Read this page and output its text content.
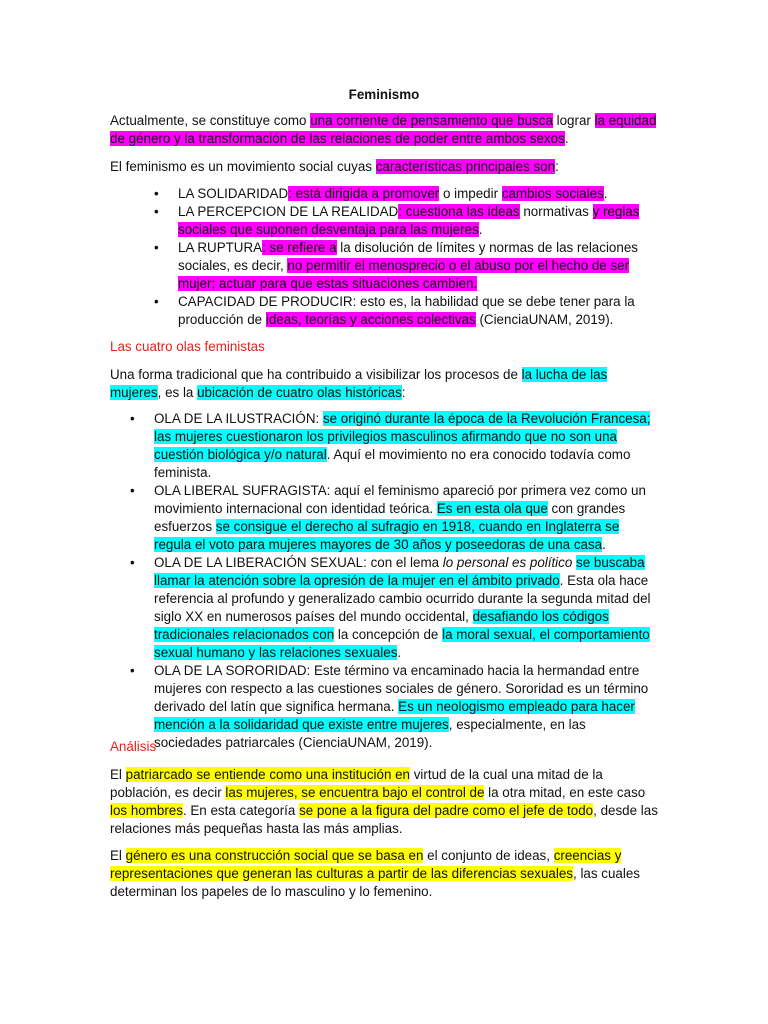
Feminismo

Actualmente, se constituye como una corriente de pensamiento que busca lograr la equidad de género y la transformación de las relaciones de poder entre ambos sexos.

El feminismo es un movimiento social cuyas características principales son:

• LA SOLIDARIDAD: está dirigida a promover o impedir cambios sociales.
• LA PERCEPCION DE LA REALIDAD: cuestiona las ideas normativas y reglas sociales que suponen desventaja para las mujeres.
• LA RUPTURA: se refiere a la disolución de límites y normas de las relaciones sociales, es decir, no permitir el menosprecio o el abuso por el hecho de ser mujer; actuar para que estas situaciones cambien.
• CAPACIDAD DE PRODUCIR: esto es, la habilidad que se debe tener para la producción de ideas, teorías y acciones colectivas (CienciaUNAM, 2019).
Las cuatro olas feministas

Una forma tradicional que ha contribuido a visibilizar los procesos de la lucha de las mujeres, es la ubicación de cuatro olas históricas:

• OLA DE LA ILUSTRACIÓN: se originó durante la época de la Revolución Francesa; las mujeres cuestionaron los privilegios masculinos afirmando que no son una cuestión biológica y/o natural. Aquí el movimiento no era conocido todavía como feminista.
• OLA LIBERAL SUFRAGISTA: aquí el feminismo apareció por primera vez como un movimiento internacional con identidad teórica. Es en esta ola que con grandes esfuerzos se consigue el derecho al sufragio en 1918, cuando en Inglaterra se regula el voto para mujeres mayores de 30 años y poseedoras de una casa.
• OLA DE LA LIBERACIÓN SEXUAL: con el lema lo personal es político se buscaba llamar la atención sobre la opresión de la mujer en el ámbito privado. Esta ola hace referencia al profundo y generalizado cambio ocurrido durante la segunda mitad del siglo XX en numerosos países del mundo occidental, desafiando los códigos tradicionales relacionados con la concepción de la moral sexual, el comportamiento sexual humano y las relaciones sexuales.
• OLA DE LA SORORIDAD: Este término va encaminado hacia la hermandad entre mujeres con respecto a las cuestiones sociales de género. Sororidad es un término derivado del latín que significa hermana. Es un neologismo empleado para hacer mención a la solidaridad que existe entre mujeres, especialmente, en las sociedades patriarcales (CienciaUNAM, 2019).
Análisis

El patriarcado se entiende como una institución en virtud de la cual una mitad de la población, es decir las mujeres, se encuentra bajo el control de la otra mitad, en este caso los hombres. En esta categoría se pone a la figura del padre como el jefe de todo, desde las relaciones más pequeñas hasta las más amplias.

El género es una construcción social que se basa en el conjunto de ideas, creencias y representaciones que generan las culturas a partir de las diferencias sexuales, las cuales determinan los papeles de lo masculino y lo femenino.
